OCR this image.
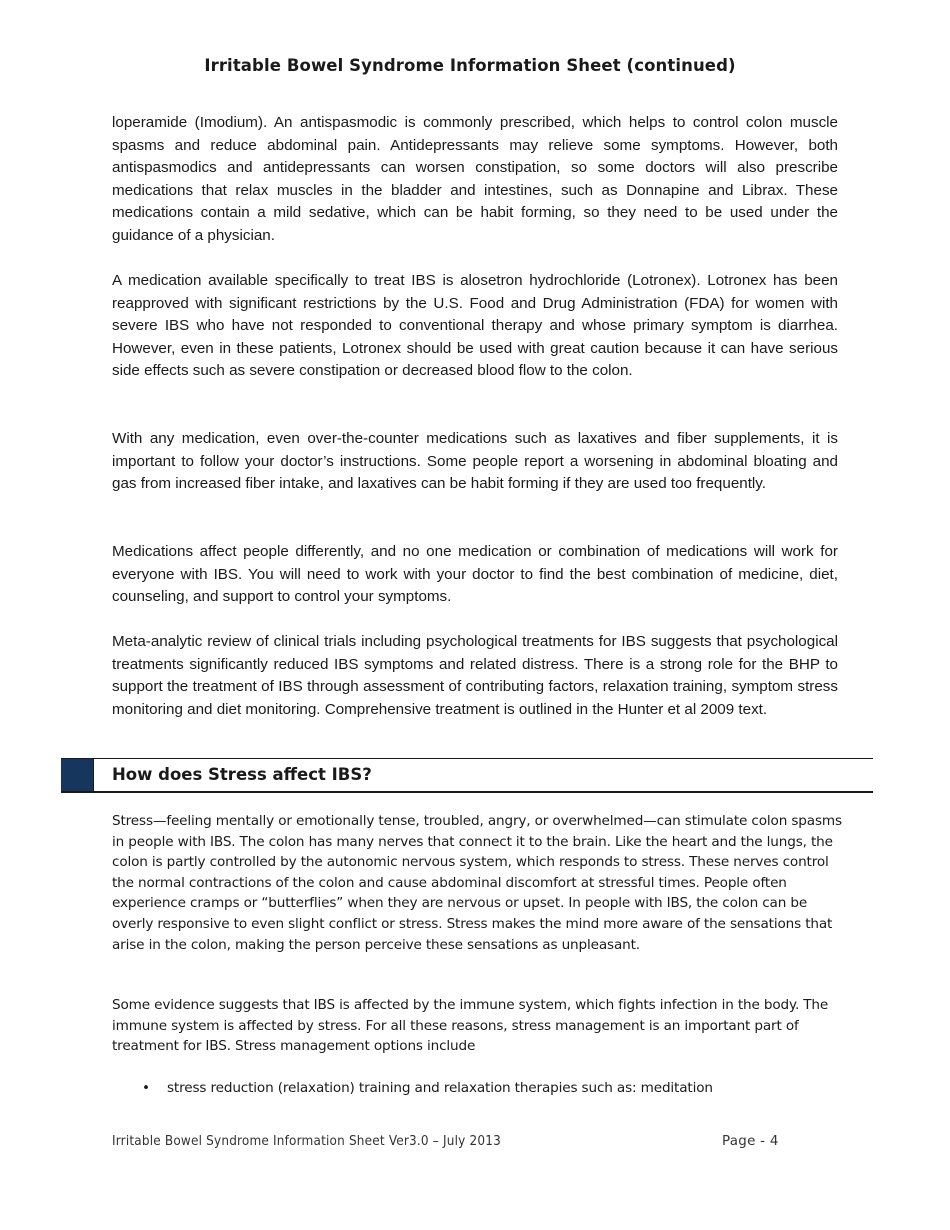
Irritable Bowel Syndrome Information Sheet (continued)

loperamide (Imodium). An antispasmodic is commonly prescribed, which helps to control colon muscle spasms and reduce abdominal pain. Antidepressants may relieve some symptoms. However, both antispasmodics and antidepressants can worsen constipation, so some doctors will also prescribe medications that relax muscles in the bladder and intestines, such as Donnapine and Librax. These medications contain a mild sedative, which can be habit forming, so they need to be used under the guidance of a physician.

A medication available specifically to treat IBS is alosetron hydrochloride (Lotronex). Lotronex has been reapproved with significant restrictions by the U.S. Food and Drug Administration (FDA) for women with severe IBS who have not responded to conventional therapy and whose primary symptom is diarrhea. However, even in these patients, Lotronex should be used with great caution because it can have serious side effects such as severe constipation or decreased blood flow to the colon.

With any medication, even over-the-counter medications such as laxatives and fiber supplements, it is important to follow your doctor’s instructions. Some people report a worsening in abdominal bloating and gas from increased fiber intake, and laxatives can be habit forming if they are used too frequently.

Medications affect people differently, and no one medication or combination of medications will work for everyone with IBS. You will need to work with your doctor to find the best combination of medicine, diet, counseling, and support to control your symptoms.

Meta-analytic review of clinical trials including psychological treatments for IBS suggests that psychological treatments significantly reduced IBS symptoms and related distress. There is a strong role for the BHP to support the treatment of IBS through assessment of contributing factors, relaxation training, symptom stress monitoring and diet monitoring. Comprehensive treatment is outlined in the Hunter et al 2009 text.

How does Stress affect IBS?

Stress—feeling mentally or emotionally tense, troubled, angry, or overwhelmed—can stimulate colon spasms in people with IBS. The colon has many nerves that connect it to the brain. Like the heart and the lungs, the colon is partly controlled by the autonomic nervous system, which responds to stress. These nerves control the normal contractions of the colon and cause abdominal discomfort at stressful times. People often experience cramps or “butterflies” when they are nervous or upset. In people with IBS, the colon can be overly responsive to even slight conflict or stress. Stress makes the mind more aware of the sensations that arise in the colon, making the person perceive these sensations as unpleasant.

Some evidence suggests that IBS is affected by the immune system, which fights infection in the body. The immune system is affected by stress. For all these reasons, stress management is an important part of treatment for IBS. Stress management options include

• stress reduction (relaxation) training and relaxation therapies such as: meditation
Irritable Bowel Syndrome Information Sheet Ver3.0 – July 2013	Page - 4
